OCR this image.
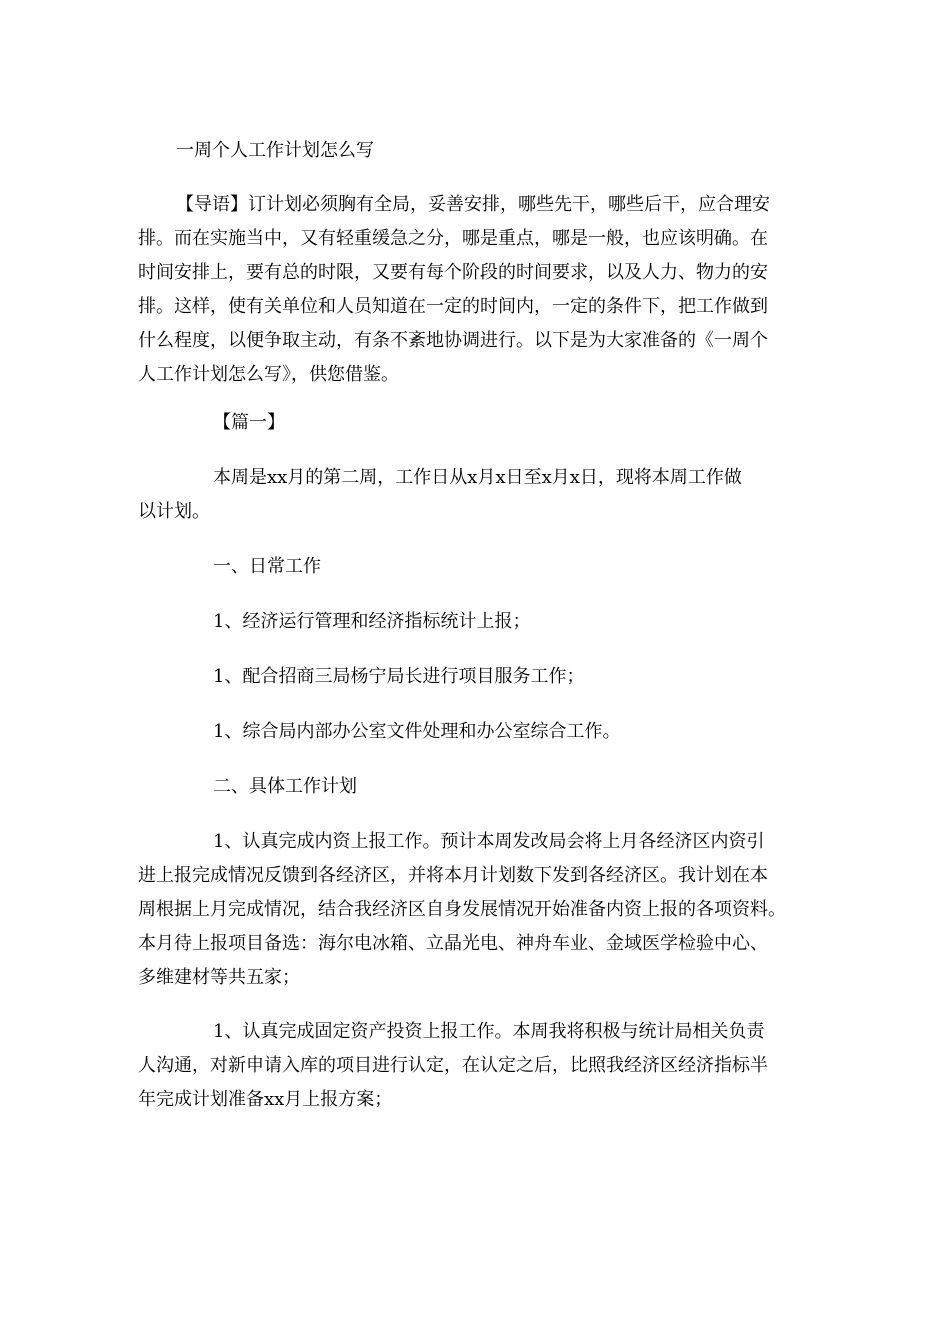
一周个人工作计划怎么写
【导语】订计划必须胸有全局，妥善安排，哪些先干，哪些后干，应合理安
排。而在实施当中，又有轻重缓急之分，哪是重点，哪是一般，也应该明确。在
时间安排上，要有总的时限，又要有每个阶段的时间要求，以及人力、物力的安
排。这样，使有关单位和人员知道在一定的时间内，一定的条件下，把工作做到
什么程度，以便争取主动，有条不紊地协调进行。以下是为大家准备的《一周个
人工作计划怎么写》，供您借鉴。
【篇一】
本周是xx月的第二周，工作日从x月x日至x月x日，现将本周工作做
以计划。
一、日常工作
1、经济运行管理和经济指标统计上报；
1、配合招商三局杨宁局长进行项目服务工作；
1、综合局内部办公室文件处理和办公室综合工作。
二、具体工作计划
1、认真完成内资上报工作。预计本周发改局会将上月各经济区内资引
进上报完成情况反馈到各经济区，并将本月计划数下发到各经济区。我计划在本
周根据上月完成情况，结合我经济区自身发展情况开始准备内资上报的各项资料。
本月待上报项目备选：海尔电冰箱、立晶光电、神舟车业、金域医学检验中心、
多维建材等共五家；
1、认真完成固定资产投资上报工作。本周我将积极与统计局相关负责
人沟通，对新申请入库的项目进行认定，在认定之后，比照我经济区经济指标半
年完成计划准备xx月上报方案；
